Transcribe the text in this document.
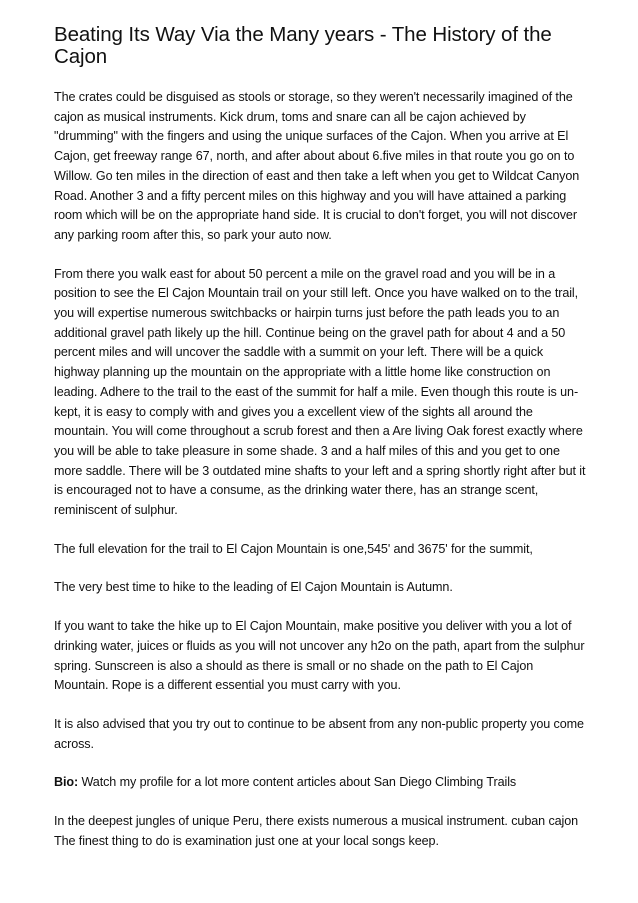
Beating Its Way Via the Many years - The History of the Cajon

The crates could be disguised as stools or storage, so they weren't necessarily imagined of the cajon as musical instruments. Kick drum, toms and snare can all be cajon achieved by "drumming" with the fingers and using the unique surfaces of the Cajon. When you arrive at El Cajon, get freeway range 67, north, and after about about 6.five miles in that route you go on to Willow. Go ten miles in the direction of east and then take a left when you get to Wildcat Canyon Road. Another 3 and a fifty percent miles on this highway and you will have attained a parking room which will be on the appropriate hand side. It is crucial to don't forget, you will not discover any parking room after this, so park your auto now.

From there you walk east for about 50 percent a mile on the gravel road and you will be in a position to see the El Cajon Mountain trail on your still left. Once you have walked on to the trail, you will expertise numerous switchbacks or hairpin turns just before the path leads you to an additional gravel path likely up the hill. Continue being on the gravel path for about 4 and a 50 percent miles and will uncover the saddle with a summit on your left. There will be a quick highway planning up the mountain on the appropriate with a little home like construction on leading. Adhere to the trail to the east of the summit for half a mile. Even though this route is un-kept, it is easy to comply with and gives you a excellent view of the sights all around the mountain. You will come throughout a scrub forest and then a Are living Oak forest exactly where you will be able to take pleasure in some shade. 3 and a half miles of this and you get to one more saddle. There will be 3 outdated mine shafts to your left and a spring shortly right after but it is encouraged not to have a consume, as the drinking water there, has an strange scent, reminiscent of sulphur.

The full elevation for the trail to El Cajon Mountain is one,545' and 3675' for the summit,

The very best time to hike to the leading of El Cajon Mountain is Autumn.

If you want to take the hike up to El Cajon Mountain, make positive you deliver with you a lot of drinking water, juices or fluids as you will not uncover any h2o on the path, apart from the sulphur spring. Sunscreen is also a should as there is small or no shade on the path to El Cajon Mountain. Rope is a different essential you must carry with you.

It is also advised that you try out to continue to be absent from any non-public property you come across.

Bio: Watch my profile for a lot more content articles about San Diego Climbing Trails

In the deepest jungles of unique Peru, there exists numerous a musical instrument. cuban cajon The finest thing to do is examination just one at your local songs keep.
